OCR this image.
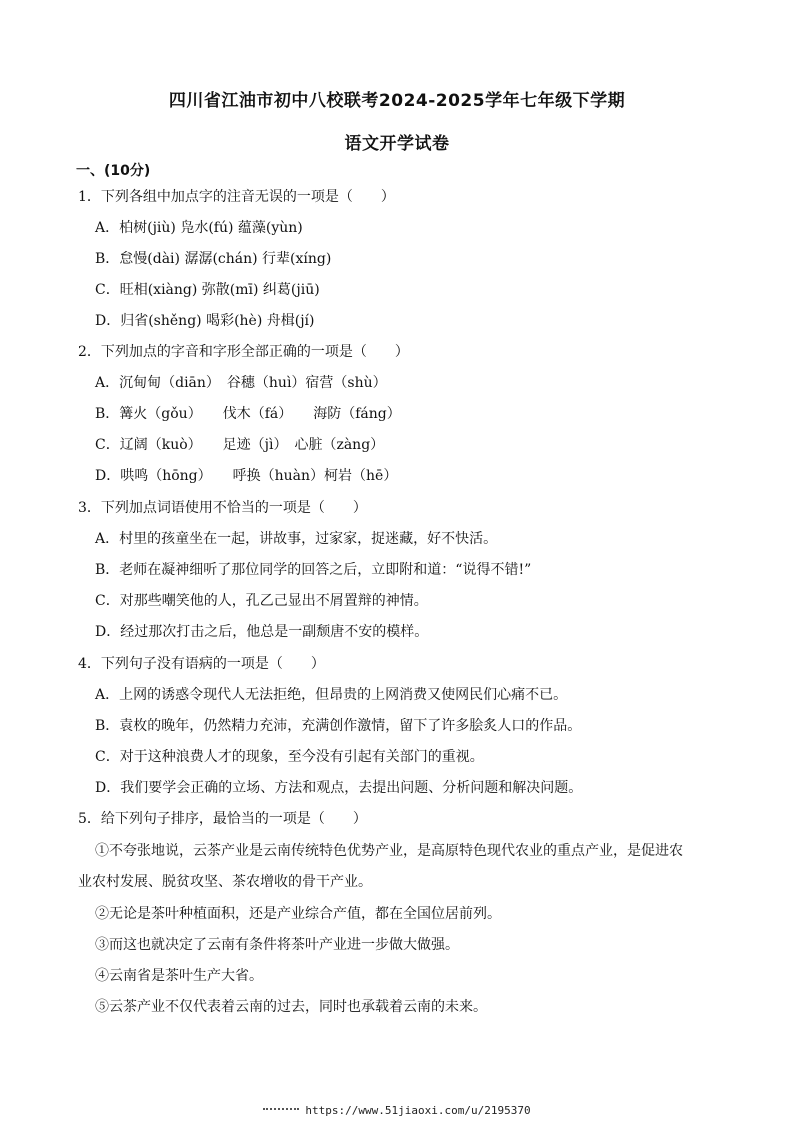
四川省江油市初中八校联考2024-2025学年七年级下学期
语文开学试卷
一、(10分)
1．下列各组中加点字的注音无误的一项是（　　）
A．柏树(jiù) 凫水(fú) 蕴藻(yùn)
B．怠慢(dài) 潺潺(chán) 行辈(xíng)
C．旺相(xiàng) 弥散(mī) 纠葛(jiū)
D．归省(shěng) 喝彩(hè) 舟楫(jí)
2．下列加点的字音和字形全部正确的一项是（　　）
A．沉甸甸（diān）　谷穗（huì）宿营（shù）
B．篝火（gǒu）　　伐木（fá）　　海防（fáng）
C．辽阔（kuò）　　足迹（jì）　心脏（zàng）
D．哄鸣（hōng）　　呼换（huàn）柯岩（hē）
3．下列加点词语使用不恰当的一项是（　　）
A．村里的孩童坐在一起，讲故事，过家家，捉迷藏，好不快活。
B．老师在凝神细听了那位同学的回答之后，立即附和道：“说得不错!”
C．对那些嘲笑他的人，孔乙己显出不屑置辩的神情。
D．经过那次打击之后，他总是一副颓唐不安的模样。
4．下列句子没有语病的一项是（　　）
A．上网的诱惑令现代人无法拒绝，但昂贵的上网消费又使网民们心痛不已。
B．袁枚的晚年，仍然精力充沛，充满创作激情，留下了许多脍炙人口的作品。
C．对于这种浪费人才的现象，至今没有引起有关部门的重视。
D．我们要学会正确的立场、方法和观点，去提出问题、分析问题和解决问题。
5．给下列句子排序，最恰当的一项是（　　）
①不夸张地说，云茶产业是云南传统特色优势产业，是高原特色现代农业的重点产业，是促进农
业农村发展、脱贫攻坚、茶农增收的骨干产业。
②无论是茶叶种植面积，还是产业综合产值，都在全国位居前列。
③而这也就决定了云南有条件将茶叶产业进一步做大做强。
④云南省是茶叶生产大省。
⑤云茶产业不仅代表着云南的过去，同时也承载着云南的未来。
https://www.51jiaoxi.com/u/2195370
